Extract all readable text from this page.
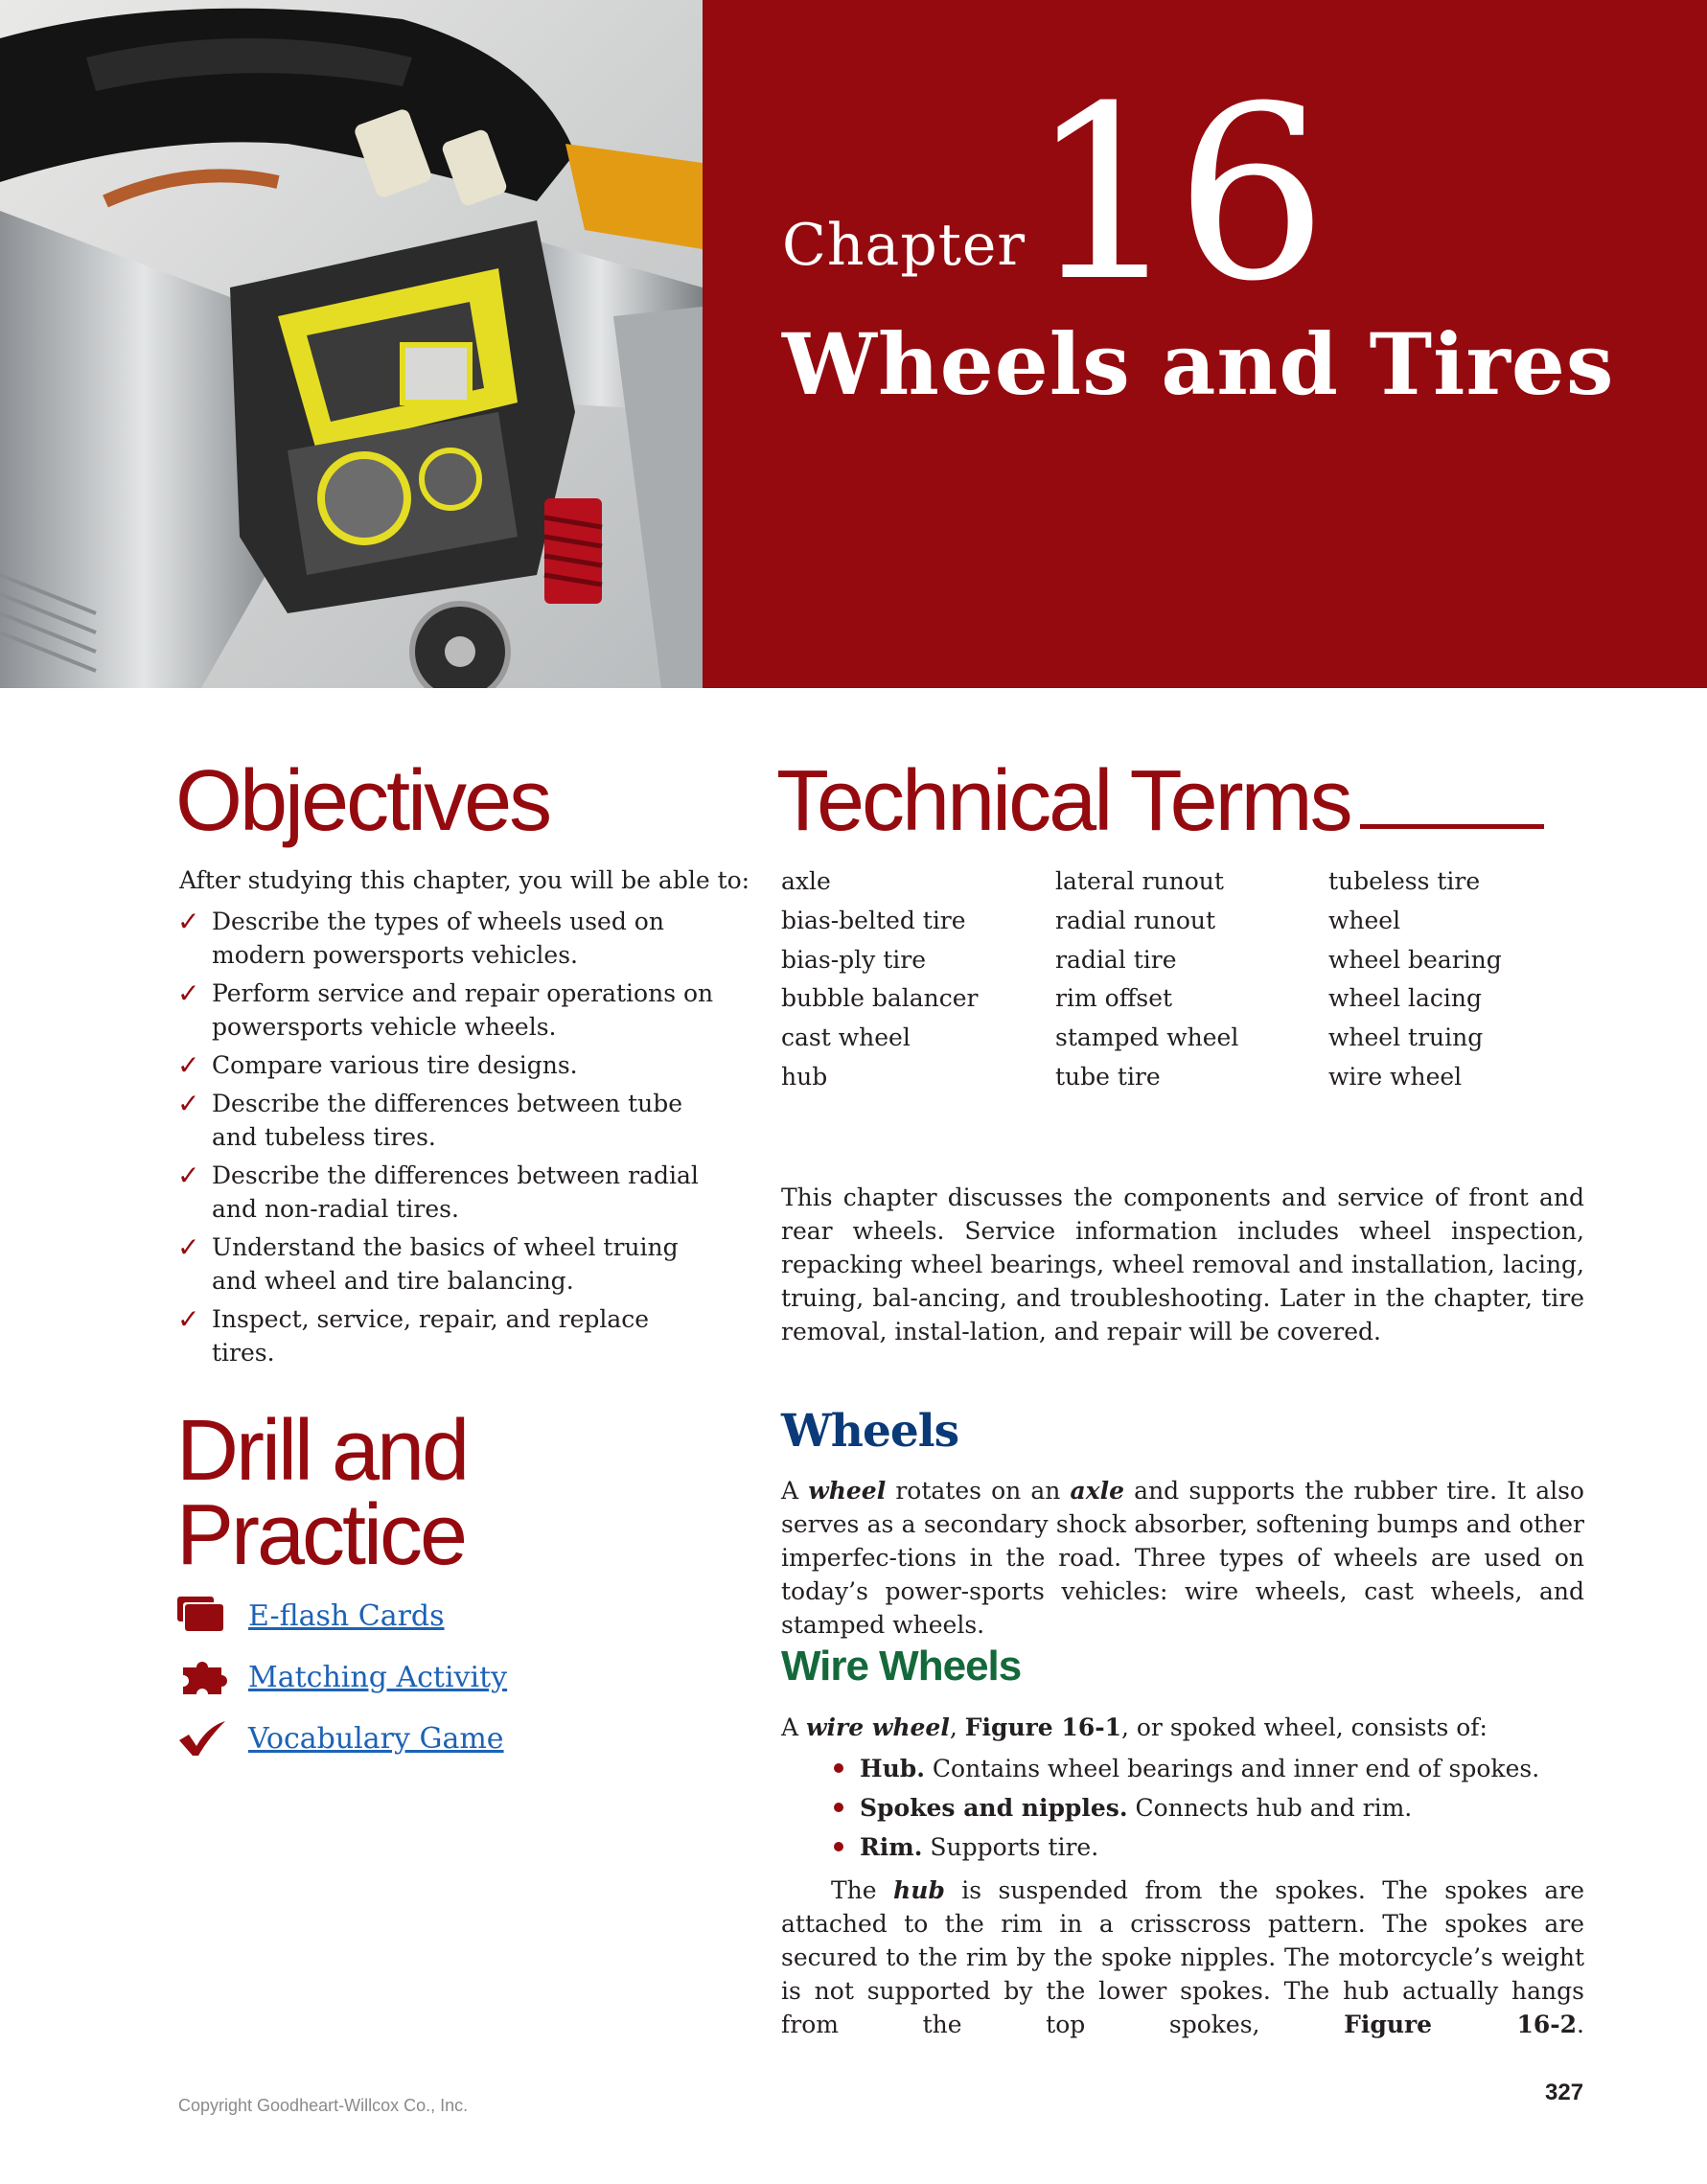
Chapter 16
Wheels and Tires
Objectives
After studying this chapter, you will be able to:
✓ Describe the types of wheels used on modern powersports vehicles.
✓ Perform service and repair operations on powersports vehicle wheels.
✓ Compare various tire designs.
✓ Describe the differences between tube and tubeless tires.
✓ Describe the differences between radial and non-radial tires.
✓ Understand the basics of wheel truing and wheel and tire balancing.
✓ Inspect, service, repair, and replace tires.
Drill and
Practice
E-flash Cards
Matching Activity
Vocabulary Game
Technical Terms
axle
bias-belted tire
bias-ply tire
bubble balancer
cast wheel
hub
lateral runout
radial runout
radial tire
rim offset
stamped wheel
tube tire
tubeless tire
wheel
wheel bearing
wheel lacing
wheel truing
wire wheel

This chapter discusses the components and service of front and rear wheels. Service information includes wheel inspection, repacking wheel bearings, wheel removal and installation, lacing, truing, bal-ancing, and troubleshooting. Later in the chapter, tire removal, instal-lation, and repair will be covered.

Wheels

A wheel rotates on an axle and supports the rubber tire. It also serves as a secondary shock absorber, softening bumps and other imperfec-tions in the road. Three types of wheels are used on today’s power-sports vehicles: wire wheels, cast wheels, and stamped wheels.

Wire Wheels

A wire wheel, Figure 16-1, or spoked wheel, consists of:

Hub. Contains wheel bearings and inner end of spokes.
Spokes and nipples. Connects hub and rim.
Rim. Supports tire.

The hub is suspended from the spokes. The spokes are attached to the rim in a crisscross pattern. The spokes are secured to the rim by the spoke nipples. The motorcycle’s weight is not supported by the lower spokes. The hub actually hangs from the top spokes, Figure 16-2.

Copyright Goodheart-Willcox Co., Inc.	327
